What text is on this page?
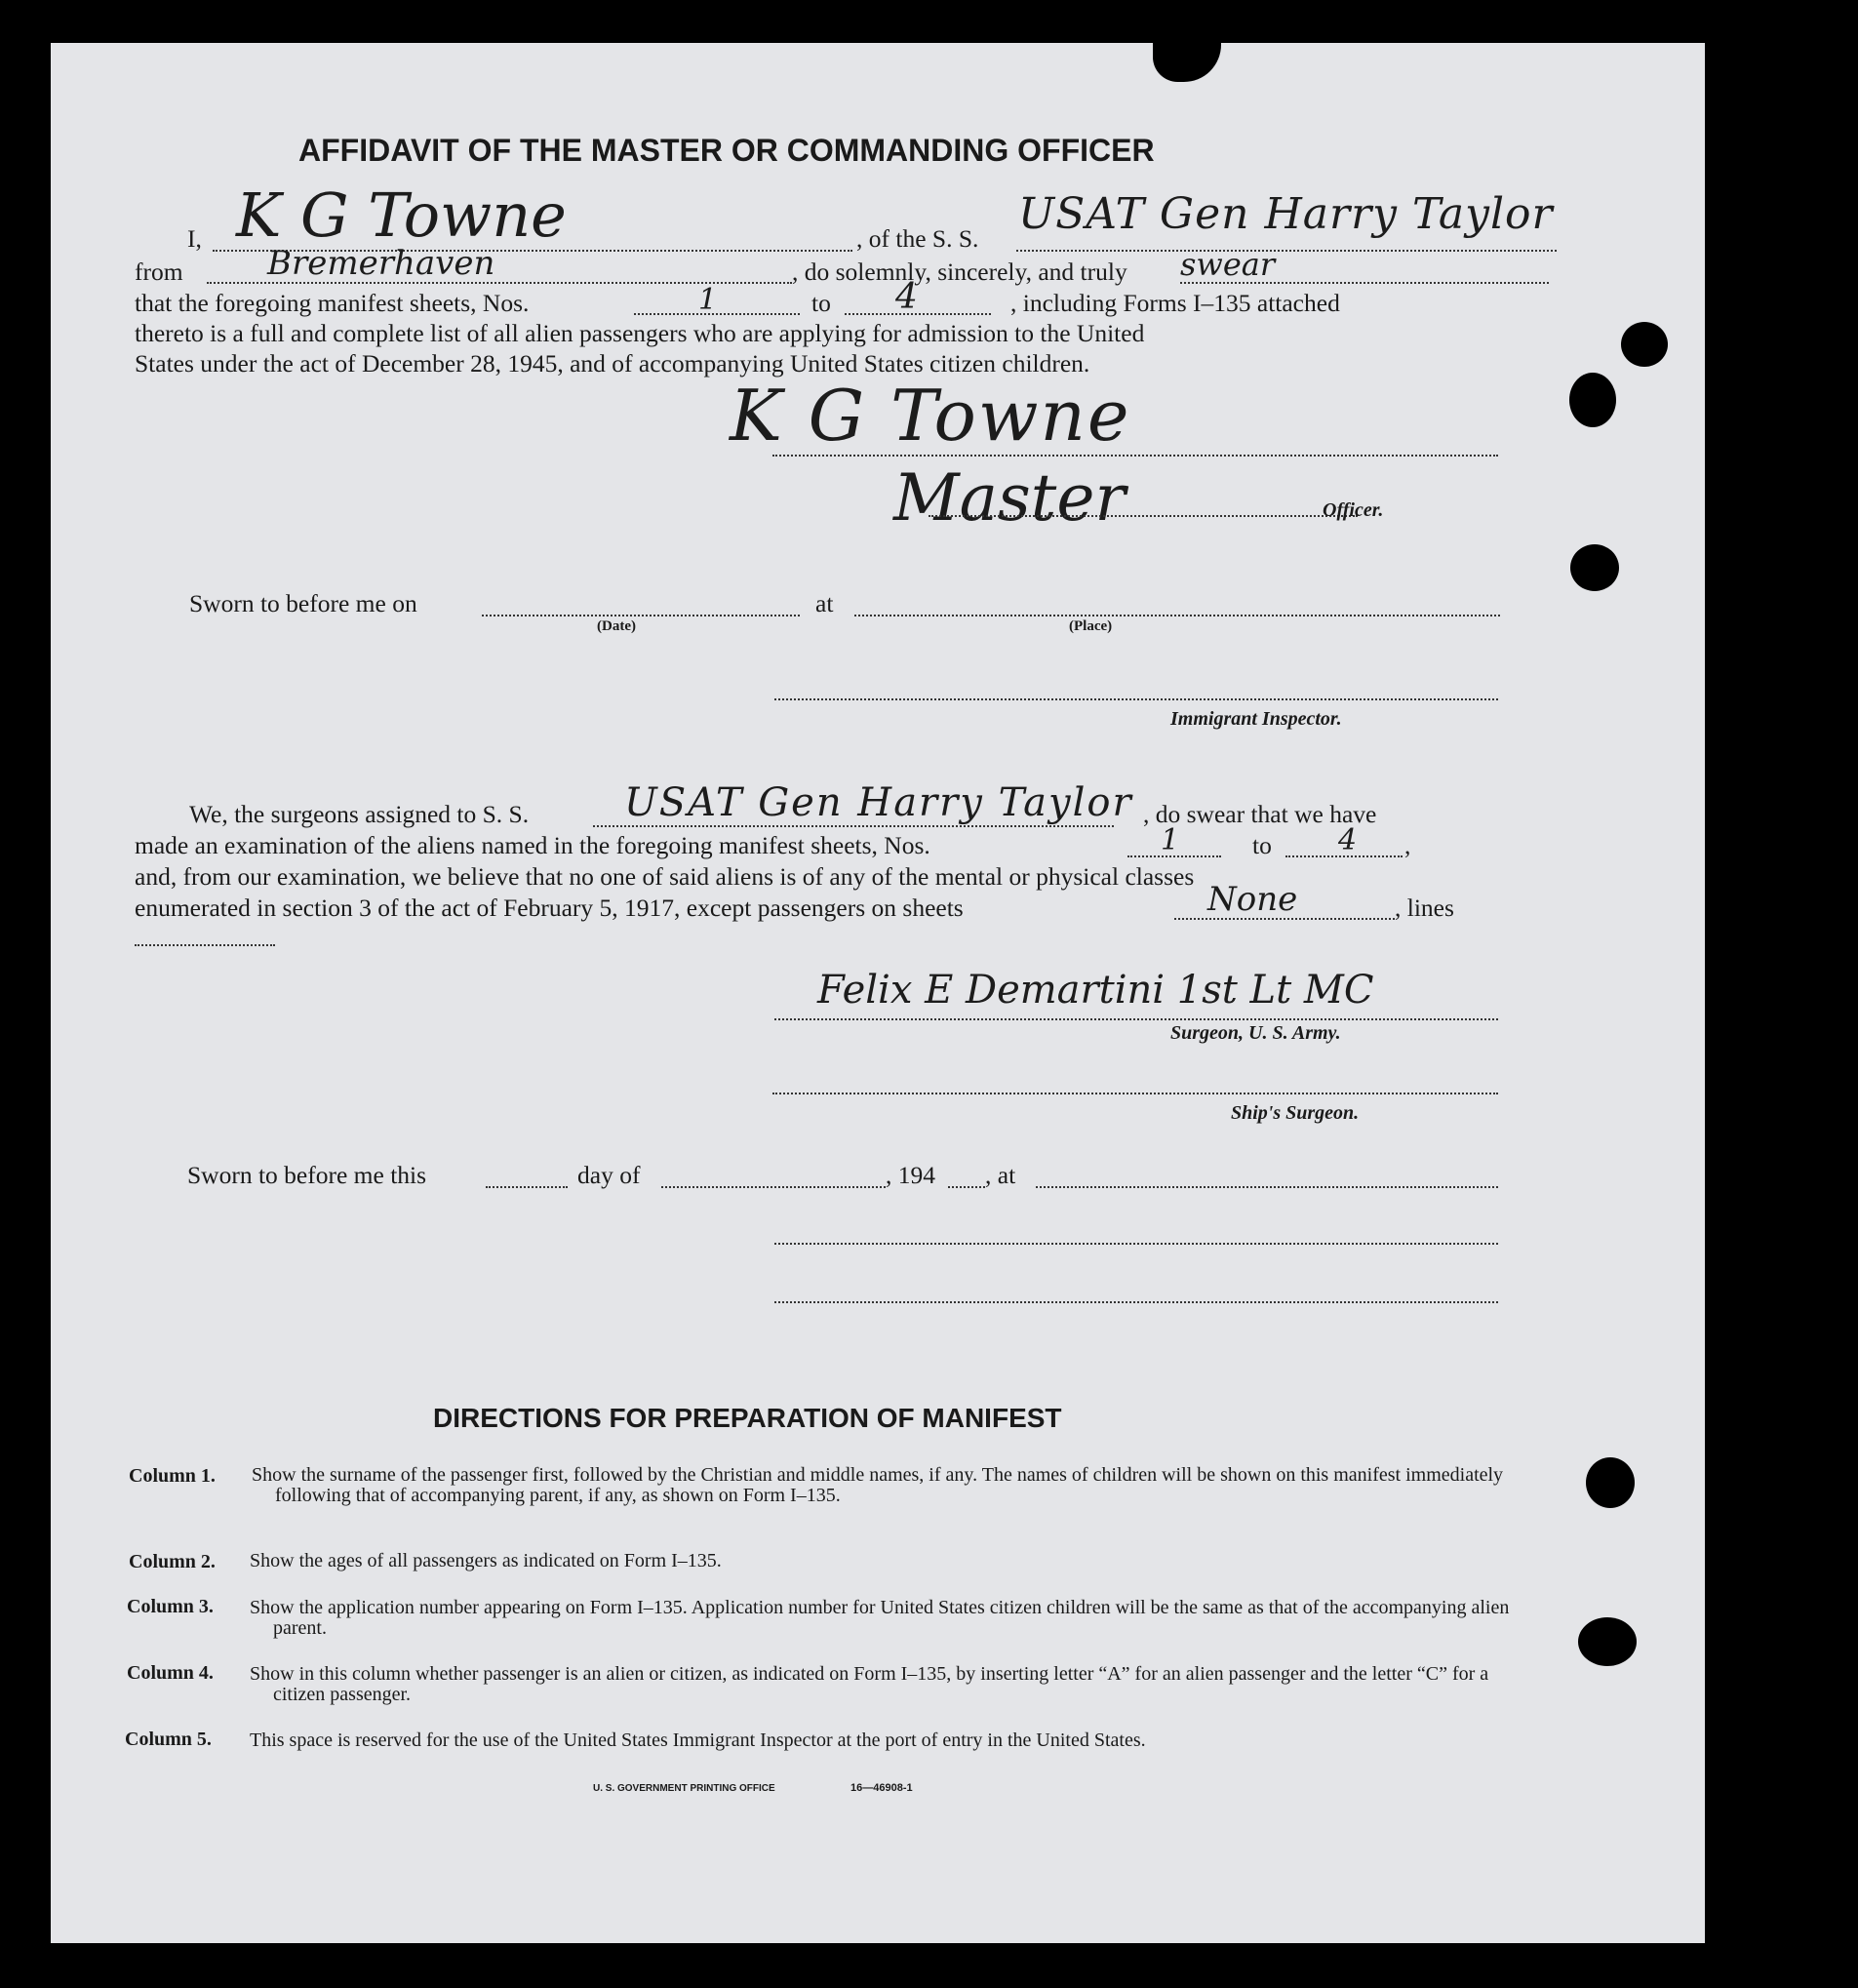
AFFIDAVIT OF THE MASTER OR COMMANDING OFFICER
I, K G Towne	, of the S. S. USAT Gen Harry Taylor
from	Bremerhaven	, do solemnly, sincerely, and truly swear
that the foregoing manifest sheets, Nos.	1	to 4	, including Forms I–135 attached
thereto is a full and complete list of all alien passengers who are applying for admission to the United
States under the act of December 28, 1945, and of accompanying United States citizen children.
K G Towne
Master	Officer.
Sworn to before me on
(Date)
at
(Place)
Immigrant Inspector.
We, the surgeons assigned to S. S. USAT Gen Harry Taylor , do swear that we have
made an examination of the aliens named in the foregoing manifest sheets, Nos.	1	to 4 ,
and, from our examination, we believe that no one of said aliens is of any of the mental or physical classes
enumerated in section 3 of the act of February 5, 1917, except passengers on sheets	None	, lines
Felix E Demartini 1st Lt MC
Surgeon, U. S. Army.
Ship's Surgeon.
Sworn to before me this	day of	, 194 , at
DIRECTIONS FOR PREPARATION OF MANIFEST
Column 1. Show the surname of the passenger first, followed by the Christian and middle names, if any. The names of children will be shown on this manifest immediately following that of accompanying parent, if any, as shown on Form I–135.
Column 2. Show the ages of all passengers as indicated on Form I–135.
Column 3. Show the application number appearing on Form I–135. Application number for United States citizen children will be the same as that of the accompanying alien parent.
Column 4. Show in this column whether passenger is an alien or citizen, as indicated on Form I–135, by inserting letter “A” for an alien passenger and the letter “C” for a citizen passenger.
Column 5. This space is reserved for the use of the United States Immigrant Inspector at the port of entry in the United States.
U. S. GOVERNMENT PRINTING OFFICE	16—46908-1
